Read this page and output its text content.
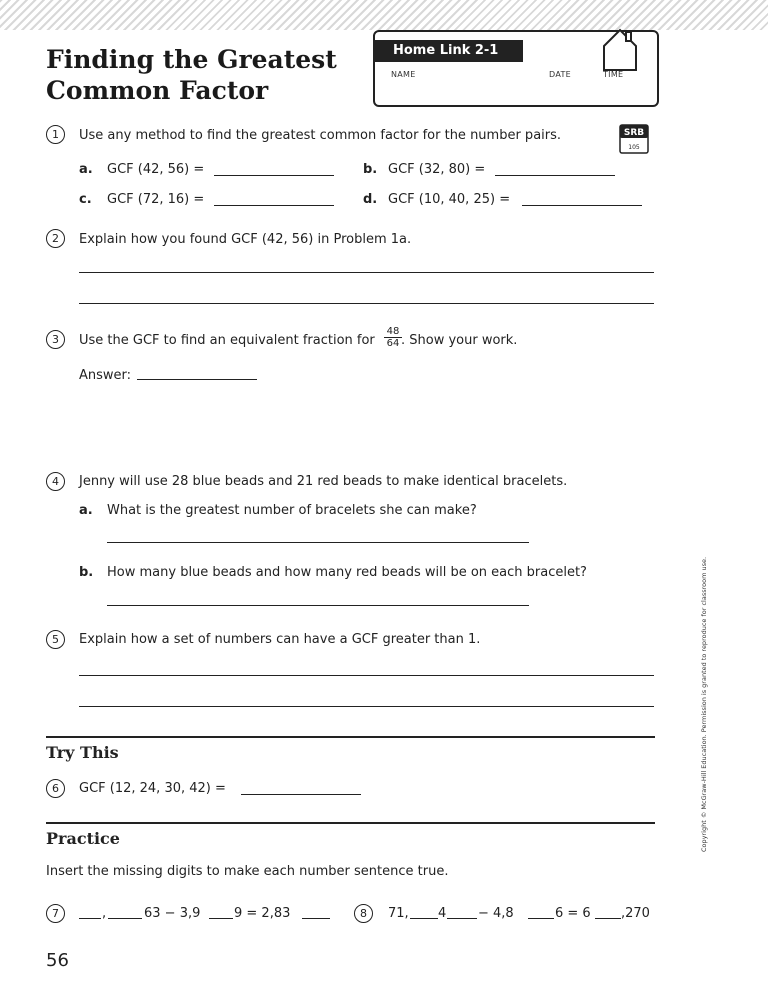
Finding the Greatest
Common Factor
Home Link 2-1
NAME	DATE	TIME
SRB
105
1	Use any method to find the greatest common factor for the number pairs.
a. GCF (42, 56) =	b. GCF (32, 80) =
c. GCF (72, 16) =	d. GCF (10, 40, 25) =
2	Explain how you found GCF (42, 56) in Problem 1a.
3	Use the GCF to find an equivalent fraction for $\frac{48}{64}$ . Show your work.
Answer:
4	Jenny will use 28 blue beads and 21 red beads to make identical bracelets.
a. What is the greatest number of bracelets she can make?
b. How many blue beads and how many red beads will be on each bracelet?
5	Explain how a set of numbers can have a GCF greater than 1.
Try This
6	GCF (12, 24, 30, 42) =
Practice
Insert the missing digits to make each number sentence true.
7	,	63 − 3,9	9 = 2,83	8	71, 4 − 4,8	6 = 6 ,270
Copyright © McGraw-Hill Education. Permission is granted to reproduce for classroom use.
56
